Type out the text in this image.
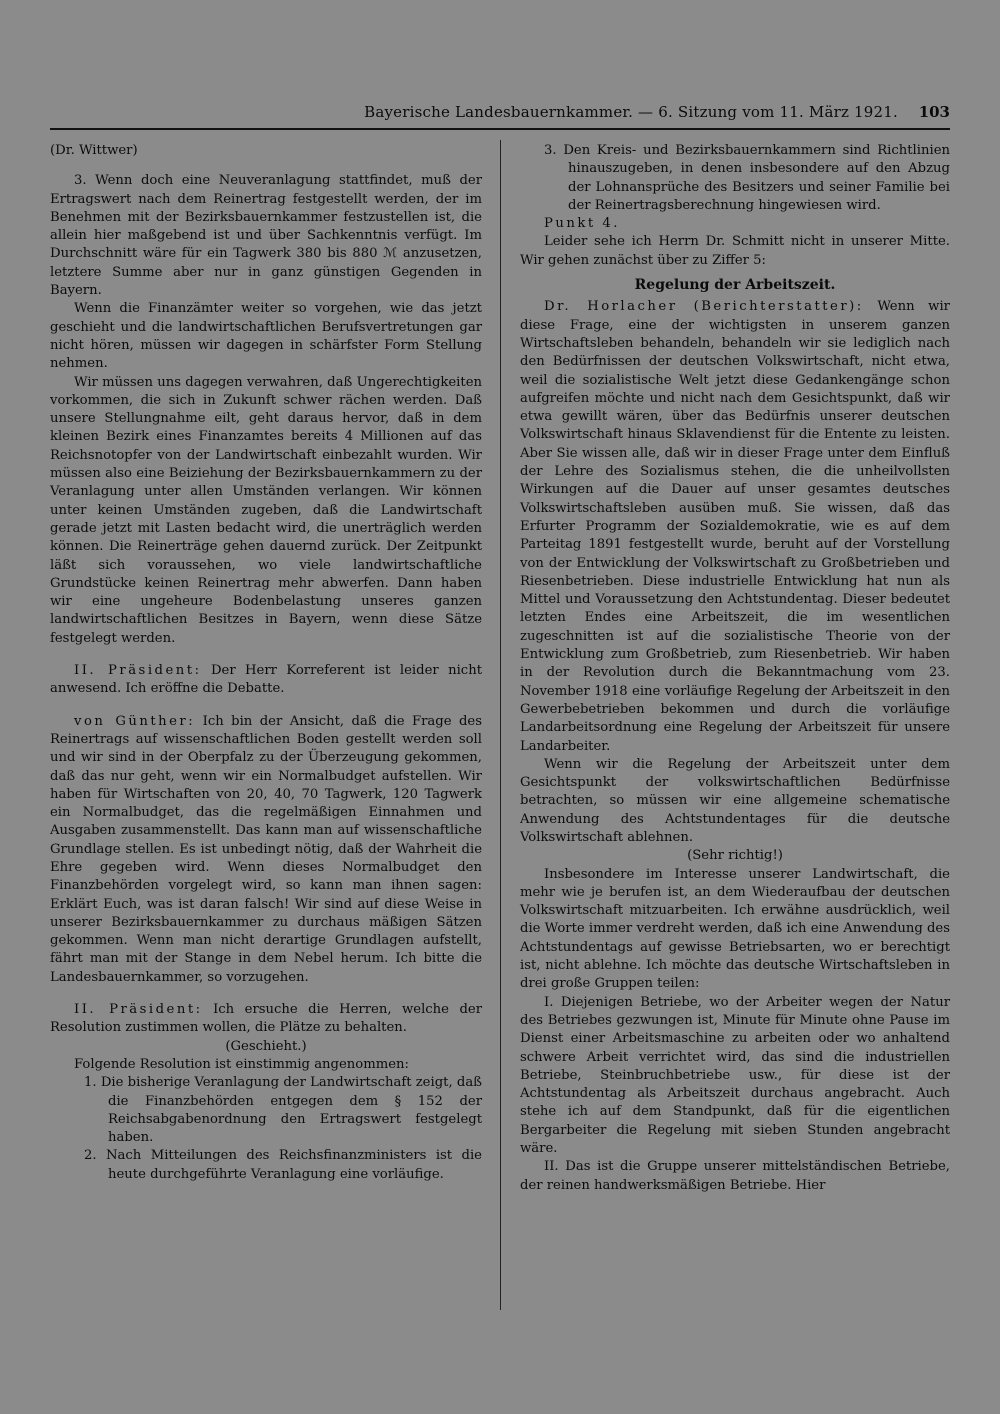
Bayerische Landesbauernkammer. — 6. Sitzung vom 11. März 1921. 103

(Dr. Wittwer)

3. Wenn doch eine Neuveranlagung stattfindet, muß der Ertragswert nach dem Reinertrag festgestellt werden, der im Benehmen mit der Bezirksbauernkammer festzustellen ist, die allein hier maßgebend ist und über Sachkenntnis verfügt. Im Durchschnitt wäre für ein Tagwerk 380 bis 880 ℳ anzusetzen, letztere Summe aber nur in ganz günstigen Gegenden in Bayern.

Wenn die Finanzämter weiter so vorgehen, wie das jetzt geschieht und die landwirtschaftlichen Berufsvertretungen gar nicht hören, müssen wir dagegen in schärfster Form Stellung nehmen.

Wir müssen uns dagegen verwahren, daß Ungerechtigkeiten vorkommen, die sich in Zukunft schwer rächen werden. Daß unsere Stellungnahme eilt, geht daraus hervor, daß in dem kleinen Bezirk eines Finanzamtes bereits 4 Millionen auf das Reichsnotopfer von der Landwirtschaft einbezahlt wurden. Wir müssen also eine Beiziehung der Bezirksbauernkammern zu der Veranlagung unter allen Umständen verlangen. Wir können unter keinen Umständen zugeben, daß die Landwirtschaft gerade jetzt mit Lasten bedacht wird, die unerträglich werden können. Die Reinerträge gehen dauernd zurück. Der Zeitpunkt läßt sich voraussehen, wo viele landwirtschaftliche Grundstücke keinen Reinertrag mehr abwerfen. Dann haben wir eine ungeheure Bodenbelastung unseres ganzen landwirtschaftlichen Besitzes in Bayern, wenn diese Sätze festgelegt werden.

II. Präsident: Der Herr Korreferent ist leider nicht anwesend. Ich eröffne die Debatte.

von Günther: Ich bin der Ansicht, daß die Frage des Reinertrags auf wissenschaftlichen Boden gestellt werden soll und wir sind in der Oberpfalz zu der Überzeugung gekommen, daß das nur geht, wenn wir ein Normalbudget aufstellen. Wir haben für Wirtschaften von 20, 40, 70 Tagwerk, 120 Tagwerk ein Normalbudget, das die regelmäßigen Einnahmen und Ausgaben zusammenstellt. Das kann man auf wissenschaftliche Grundlage stellen. Es ist unbedingt nötig, daß der Wahrheit die Ehre gegeben wird. Wenn dieses Normalbudget den Finanzbehörden vorgelegt wird, so kann man ihnen sagen: Erklärt Euch, was ist daran falsch! Wir sind auf diese Weise in unserer Bezirksbauernkammer zu durchaus mäßigen Sätzen gekommen. Wenn man nicht derartige Grundlagen aufstellt, fährt man mit der Stange in dem Nebel herum. Ich bitte die Landesbauernkammer, so vorzugehen.

II. Präsident: Ich ersuche die Herren, welche der Resolution zustimmen wollen, die Plätze zu behalten.

(Geschieht.)

Folgende Resolution ist einstimmig angenommen:

1. Die bisherige Veranlagung der Landwirtschaft zeigt, daß die Finanzbehörden entgegen dem § 152 der Reichsabgabenordnung den Ertragswert festgelegt haben.

2. Nach Mitteilungen des Reichsfinanzministers ist die heute durchgeführte Veranlagung eine vorläufige.

3. Den Kreis- und Bezirksbauernkammern sind Richtlinien hinauszugeben, in denen insbesondere auf den Abzug der Lohnansprüche des Besitzers und seiner Familie bei der Reinertragsberechnung hingewiesen wird.

Punkt 4.

Leider sehe ich Herrn Dr. Schmitt nicht in unserer Mitte. Wir gehen zunächst über zu Ziffer 5:

Regelung der Arbeitszeit.

Dr. Horlacher (Berichterstatter): Wenn wir diese Frage, eine der wichtigsten in unserem ganzen Wirtschaftsleben behandeln, behandeln wir sie lediglich nach den Bedürfnissen der deutschen Volkswirtschaft, nicht etwa, weil die sozialistische Welt jetzt diese Gedankengänge schon aufgreifen möchte und nicht nach dem Gesichtspunkt, daß wir etwa gewillt wären, über das Bedürfnis unserer deutschen Volkswirtschaft hinaus Sklavendienst für die Entente zu leisten. Aber Sie wissen alle, daß wir in dieser Frage unter dem Einfluß der Lehre des Sozialismus stehen, die die unheilvollsten Wirkungen auf die Dauer auf unser gesamtes deutsches Volkswirtschaftsleben ausüben muß. Sie wissen, daß das Erfurter Programm der Sozialdemokratie, wie es auf dem Parteitag 1891 festgestellt wurde, beruht auf der Vorstellung von der Entwicklung der Volkswirtschaft zu Großbetrieben und Riesenbetrieben. Diese industrielle Entwicklung hat nun als Mittel und Voraussetzung den Achtstundentag. Dieser bedeutet letzten Endes eine Arbeitszeit, die im wesentlichen zugeschnitten ist auf die sozialistische Theorie von der Entwicklung zum Großbetrieb, zum Riesenbetrieb. Wir haben in der Revolution durch die Bekanntmachung vom 23. November 1918 eine vorläufige Regelung der Arbeitszeit in den Gewerbebetrieben bekommen und durch die vorläufige Landarbeitsordnung eine Regelung der Arbeitszeit für unsere Landarbeiter.

Wenn wir die Regelung der Arbeitszeit unter dem Gesichtspunkt der volkswirtschaftlichen Bedürfnisse betrachten, so müssen wir eine allgemeine schematische Anwendung des Achtstundentages für die deutsche Volkswirtschaft ablehnen.

(Sehr richtig!)

Insbesondere im Interesse unserer Landwirtschaft, die mehr wie je berufen ist, an dem Wiederaufbau der deutschen Volkswirtschaft mitzuarbeiten. Ich erwähne ausdrücklich, weil die Worte immer verdreht werden, daß ich eine Anwendung des Achtstundentags auf gewisse Betriebsarten, wo er berechtigt ist, nicht ablehne. Ich möchte das deutsche Wirtschaftsleben in drei große Gruppen teilen:

I. Diejenigen Betriebe, wo der Arbeiter wegen der Natur des Betriebes gezwungen ist, Minute für Minute ohne Pause im Dienst einer Arbeitsmaschine zu arbeiten oder wo anhaltend schwere Arbeit verrichtet wird, das sind die industriellen Betriebe, Steinbruchbetriebe usw., für diese ist der Achtstundentag als Arbeitszeit durchaus angebracht. Auch stehe ich auf dem Standpunkt, daß für die eigentlichen Bergarbeiter die Regelung mit sieben Stunden angebracht wäre.

II. Das ist die Gruppe unserer mittelständischen Betriebe, der reinen handwerksmäßigen Betriebe. Hier
